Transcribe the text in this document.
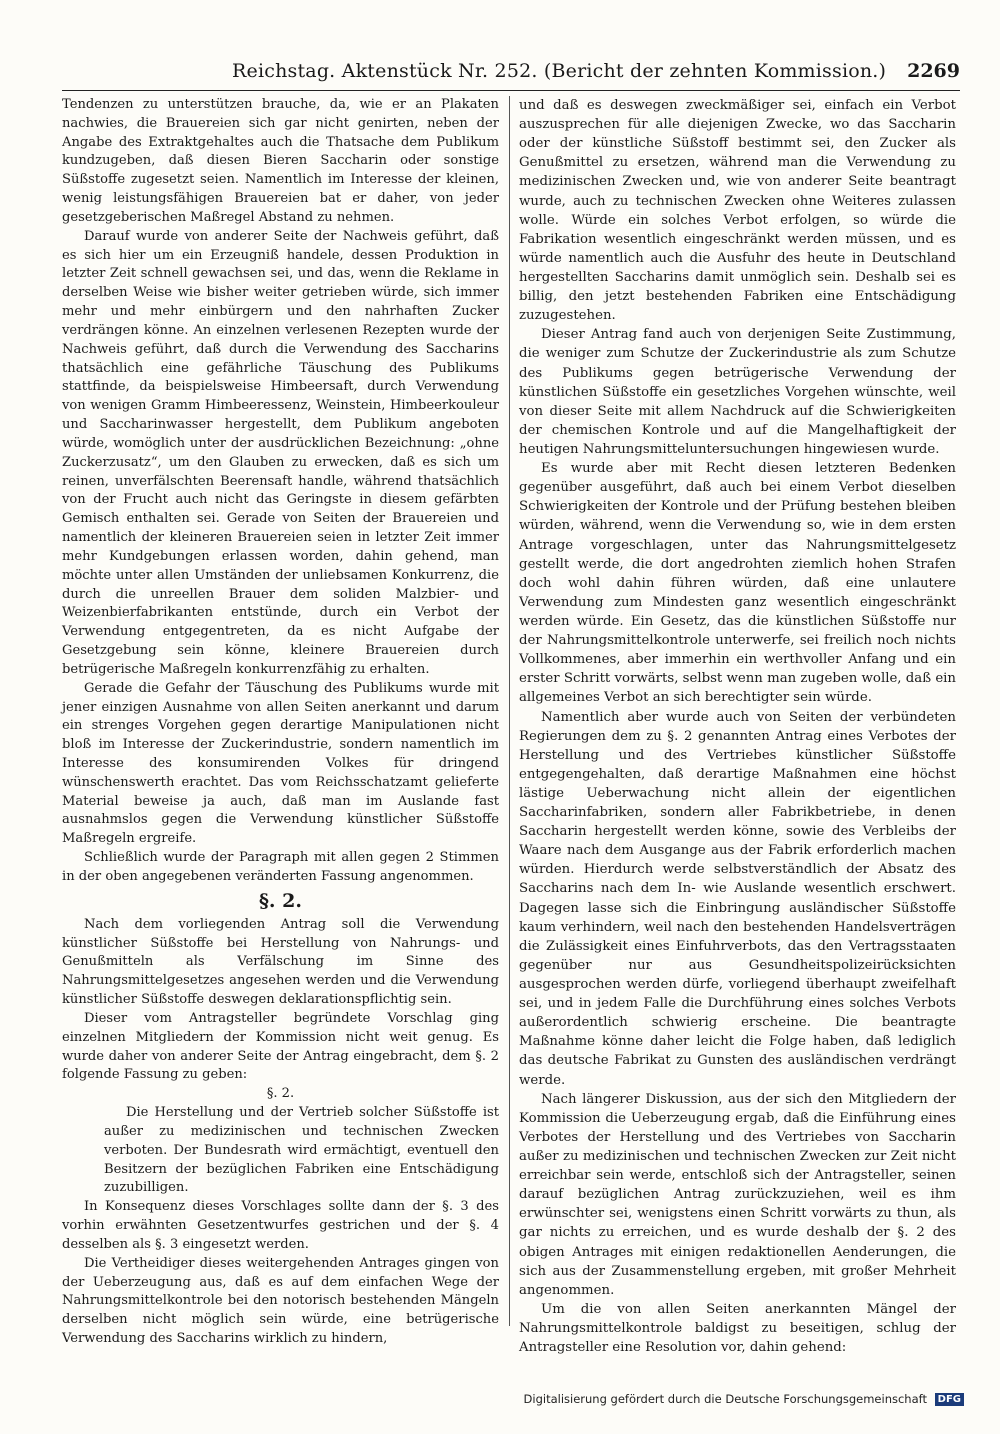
Reichstag. Aktenstück Nr. 252. (Bericht der zehnten Kommission.) 2269

Tendenzen zu unterstützen brauche, da, wie er an Plakaten nachwies, die Brauereien sich gar nicht genirten, neben der Angabe des Extraktgehaltes auch die Thatsache dem Publikum kundzugeben, daß diesen Bieren Saccharin oder sonstige Süßstoffe zugesetzt seien. Namentlich im Interesse der kleinen, wenig leistungsfähigen Brauereien bat er daher, von jeder gesetzgeberischen Maßregel Abstand zu nehmen.

Darauf wurde von anderer Seite der Nachweis geführt, daß es sich hier um ein Erzeugniß handele, dessen Produktion in letzter Zeit schnell gewachsen sei, und das, wenn die Reklame in derselben Weise wie bisher weiter getrieben würde, sich immer mehr und mehr einbürgern und den nahrhaften Zucker verdrängen könne. An einzelnen verlesenen Rezepten wurde der Nachweis geführt, daß durch die Verwendung des Saccharins thatsächlich eine gefährliche Täuschung des Publikums stattfinde, da beispielsweise Himbeersaft, durch Verwendung von wenigen Gramm Himbeeressenz, Weinstein, Himbeerkouleur und Saccharinwasser hergestellt, dem Publikum angeboten würde, womöglich unter der ausdrücklichen Bezeichnung: „ohne Zuckerzusatz“, um den Glauben zu erwecken, daß es sich um reinen, unverfälschten Beerensaft handle, während thatsächlich von der Frucht auch nicht das Geringste in diesem gefärbten Gemisch enthalten sei. Gerade von Seiten der Brauereien und namentlich der kleineren Brauereien seien in letzter Zeit immer mehr Kundgebungen erlassen worden, dahin gehend, man möchte unter allen Umständen der unliebsamen Konkurrenz, die durch die unreellen Brauer dem soliden Malzbier- und Weizenbierfabrikanten entstünde, durch ein Verbot der Verwendung entgegentreten, da es nicht Aufgabe der Gesetzgebung sein könne, kleinere Brauereien durch betrügerische Maßregeln konkurrenzfähig zu erhalten.

Gerade die Gefahr der Täuschung des Publikums wurde mit jener einzigen Ausnahme von allen Seiten anerkannt und darum ein strenges Vorgehen gegen derartige Manipulationen nicht bloß im Interesse der Zuckerindustrie, sondern namentlich im Interesse des konsumirenden Volkes für dringend wünschenswerth erachtet. Das vom Reichsschatzamt gelieferte Material beweise ja auch, daß man im Auslande fast ausnahmslos gegen die Verwendung künstlicher Süßstoffe Maßregeln ergreife.

Schließlich wurde der Paragraph mit allen gegen 2 Stimmen in der oben angegebenen veränderten Fassung angenommen.

§. 2.

Nach dem vorliegenden Antrag soll die Verwendung künstlicher Süßstoffe bei Herstellung von Nahrungs- und Genußmitteln als Verfälschung im Sinne des Nahrungsmittelgesetzes angesehen werden und die Verwendung künstlicher Süßstoffe deswegen deklarationspflichtig sein.

Dieser vom Antragsteller begründete Vorschlag ging einzelnen Mitgliedern der Kommission nicht weit genug. Es wurde daher von anderer Seite der Antrag eingebracht, dem §. 2 folgende Fassung zu geben:

§. 2.

Die Herstellung und der Vertrieb solcher Süßstoffe ist außer zu medizinischen und technischen Zwecken verboten. Der Bundesrath wird ermächtigt, eventuell den Besitzern der bezüglichen Fabriken eine Entschädigung zuzubilligen.

In Konsequenz dieses Vorschlages sollte dann der §. 3 des vorhin erwähnten Gesetzentwurfes gestrichen und der §. 4 desselben als §. 3 eingesetzt werden.

Die Vertheidiger dieses weitergehenden Antrages gingen von der Ueberzeugung aus, daß es auf dem einfachen Wege der Nahrungsmittelkontrole bei den notorisch bestehenden Mängeln derselben nicht möglich sein würde, eine betrügerische Verwendung des Saccharins wirklich zu hindern,

und daß es deswegen zweckmäßiger sei, einfach ein Verbot auszusprechen für alle diejenigen Zwecke, wo das Saccharin oder der künstliche Süßstoff bestimmt sei, den Zucker als Genußmittel zu ersetzen, während man die Verwendung zu medizinischen Zwecken und, wie von anderer Seite beantragt wurde, auch zu technischen Zwecken ohne Weiteres zulassen wolle. Würde ein solches Verbot erfolgen, so würde die Fabrikation wesentlich eingeschränkt werden müssen, und es würde namentlich auch die Ausfuhr des heute in Deutschland hergestellten Saccharins damit unmöglich sein. Deshalb sei es billig, den jetzt bestehenden Fabriken eine Entschädigung zuzugestehen.

Dieser Antrag fand auch von derjenigen Seite Zustimmung, die weniger zum Schutze der Zuckerindustrie als zum Schutze des Publikums gegen betrügerische Verwendung der künstlichen Süßstoffe ein gesetzliches Vorgehen wünschte, weil von dieser Seite mit allem Nachdruck auf die Schwierigkeiten der chemischen Kontrole und auf die Mangelhaftigkeit der heutigen Nahrungsmitteluntersuchungen hingewiesen wurde.

Es wurde aber mit Recht diesen letzteren Bedenken gegenüber ausgeführt, daß auch bei einem Verbot dieselben Schwierigkeiten der Kontrole und der Prüfung bestehen bleiben würden, während, wenn die Verwendung so, wie in dem ersten Antrage vorgeschlagen, unter das Nahrungsmittelgesetz gestellt werde, die dort angedrohten ziemlich hohen Strafen doch wohl dahin führen würden, daß eine unlautere Verwendung zum Mindesten ganz wesentlich eingeschränkt werden würde. Ein Gesetz, das die künstlichen Süßstoffe nur der Nahrungsmittelkontrole unterwerfe, sei freilich noch nichts Vollkommenes, aber immerhin ein werthvoller Anfang und ein erster Schritt vorwärts, selbst wenn man zugeben wolle, daß ein allgemeines Verbot an sich berechtigter sein würde.

Namentlich aber wurde auch von Seiten der verbündeten Regierungen dem zu §. 2 genannten Antrag eines Verbotes der Herstellung und des Vertriebes künstlicher Süßstoffe entgegengehalten, daß derartige Maßnahmen eine höchst lästige Ueberwachung nicht allein der eigentlichen Saccharinfabriken, sondern aller Fabrikbetriebe, in denen Saccharin hergestellt werden könne, sowie des Verbleibs der Waare nach dem Ausgange aus der Fabrik erforderlich machen würden. Hierdurch werde selbstverständlich der Absatz des Saccharins nach dem In- wie Auslande wesentlich erschwert. Dagegen lasse sich die Einbringung ausländischer Süßstoffe kaum verhindern, weil nach den bestehenden Handelsverträgen die Zulässigkeit eines Einfuhrverbots, das den Vertragsstaaten gegenüber nur aus Gesundheitspolizeirücksichten ausgesprochen werden dürfe, vorliegend überhaupt zweifelhaft sei, und in jedem Falle die Durchführung eines solches Verbots außerordentlich schwierig erscheine. Die beantragte Maßnahme könne daher leicht die Folge haben, daß lediglich das deutsche Fabrikat zu Gunsten des ausländischen verdrängt werde.

Nach längerer Diskussion, aus der sich den Mitgliedern der Kommission die Ueberzeugung ergab, daß die Einführung eines Verbotes der Herstellung und des Vertriebes von Saccharin außer zu medizinischen und technischen Zwecken zur Zeit nicht erreichbar sein werde, entschloß sich der Antragsteller, seinen darauf bezüglichen Antrag zurückzuziehen, weil es ihm erwünschter sei, wenigstens einen Schritt vorwärts zu thun, als gar nichts zu erreichen, und es wurde deshalb der §. 2 des obigen Antrages mit einigen redaktionellen Aenderungen, die sich aus der Zusammenstellung ergeben, mit großer Mehrheit angenommen.

Um die von allen Seiten anerkannten Mängel der Nahrungsmittelkontrole baldigst zu beseitigen, schlug der Antragsteller eine Resolution vor, dahin gehend:

Digitalisierung gefördert durch die Deutsche Forschungsgemeinschaft DFG
